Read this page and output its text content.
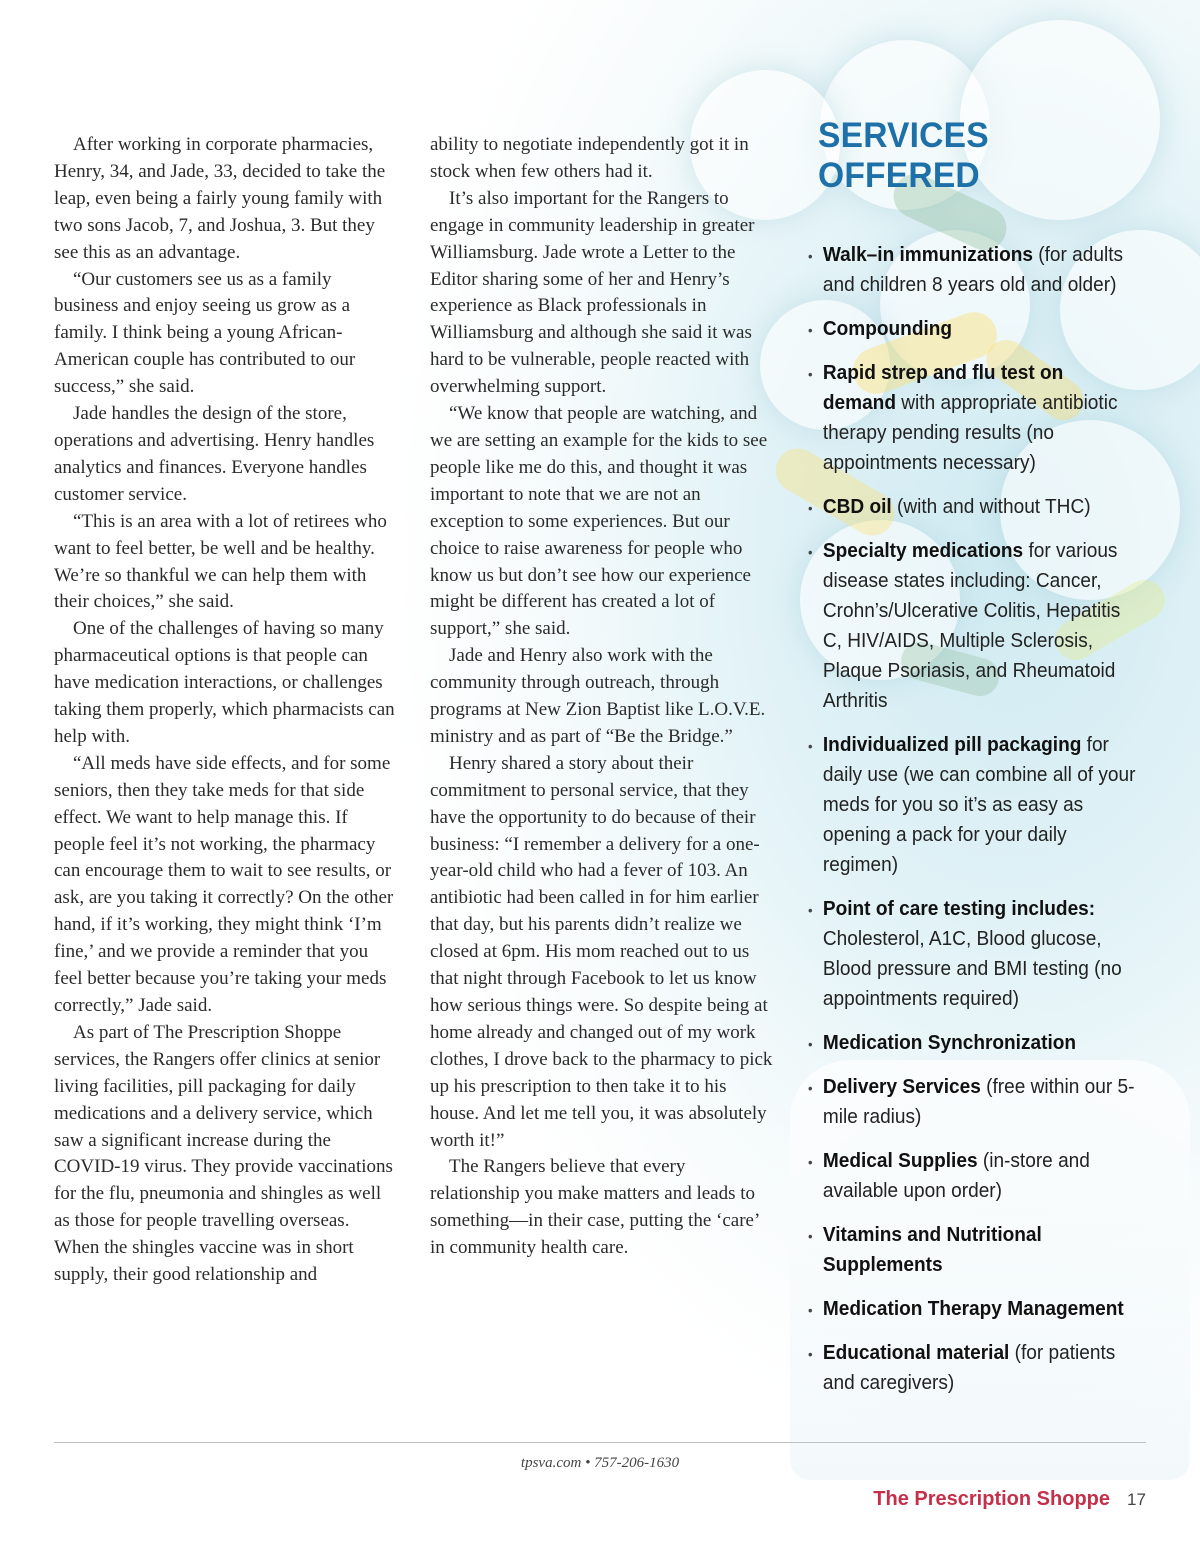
After working in corporate pharmacies, Henry, 34, and Jade, 33, decided to take the leap, even being a fairly young family with two sons Jacob, 7, and Joshua, 3. But they see this as an advantage.

“Our customers see us as a family business and enjoy seeing us grow as a family. I think being a young African-American couple has contributed to our success,” she said.

Jade handles the design of the store, operations and advertising. Henry handles analytics and finances. Everyone handles customer service.

“This is an area with a lot of retirees who want to feel better, be well and be healthy. We’re so thankful we can help them with their choices,” she said.

One of the challenges of having so many pharmaceutical options is that people can have medication interactions, or challenges taking them properly, which pharmacists can help with.

“All meds have side effects, and for some seniors, then they take meds for that side effect. We want to help manage this. If people feel it’s not working, the pharmacy can encourage them to wait to see results, or ask, are you taking it correctly? On the other hand, if it’s working, they might think ‘I’m fine,’ and we provide a reminder that you feel better because you’re taking your meds correctly,” Jade said.

As part of The Prescription Shoppe services, the Rangers offer clinics at senior living facilities, pill packaging for daily medications and a delivery service, which saw a significant increase during the COVID-19 virus. They provide vaccinations for the flu, pneumonia and shingles as well as those for people travelling overseas. When the shingles vaccine was in short supply, their good relationship and

ability to negotiate independently got it in stock when few others had it.

It’s also important for the Rangers to engage in community leadership in greater Williamsburg. Jade wrote a Letter to the Editor sharing some of her and Henry’s experience as Black professionals in Williamsburg and although she said it was hard to be vulnerable, people reacted with overwhelming support.

“We know that people are watching, and we are setting an example for the kids to see people like me do this, and thought it was important to note that we are not an exception to some experiences. But our choice to raise awareness for people who know us but don’t see how our experience might be different has created a lot of support,” she said.

Jade and Henry also work with the community through outreach, through programs at New Zion Baptist like L.O.V.E. ministry and as part of “Be the Bridge.”

Henry shared a story about their commitment to personal service, that they have the opportunity to do because of their business: “I remember a delivery for a one-year-old child who had a fever of 103. An antibiotic had been called in for him earlier that day, but his parents didn’t realize we closed at 6pm. His mom reached out to us that night through Facebook to let us know how serious things were. So despite being at home already and changed out of my work clothes, I drove back to the pharmacy to pick up his prescription to then take it to his house. And let me tell you, it was absolutely worth it!”

The Rangers believe that every relationship you make matters and leads to something—in their case, putting the ‘care’ in community health care.

SERVICES OFFERED
• Walk–in immunizations (for adults and children 8 years old and older)
• Compounding
• Rapid strep and flu test on demand with appropriate antibiotic therapy pending results (no appointments necessary)
• CBD oil (with and without THC)
• Specialty medications for various disease states including: Cancer, Crohn’s/Ulcerative Colitis, Hepatitis C, HIV/AIDS, Multiple Sclerosis, Plaque Psoriasis, and Rheumatoid Arthritis
• Individualized pill packaging for daily use (we can combine all of your meds for you so it’s as easy as opening a pack for your daily regimen)
• Point of care testing includes: Cholesterol, A1C, Blood glucose, Blood pressure and BMI testing (no appointments required)
• Medication Synchronization
• Delivery Services (free within our 5-mile radius)
• Medical Supplies (in-store and available upon order)
• Vitamins and Nutritional Supplements
• Medication Therapy Management
• Educational material (for patients and caregivers)
tpsva.com • 757-206-1630
The Prescription Shoppe 17
